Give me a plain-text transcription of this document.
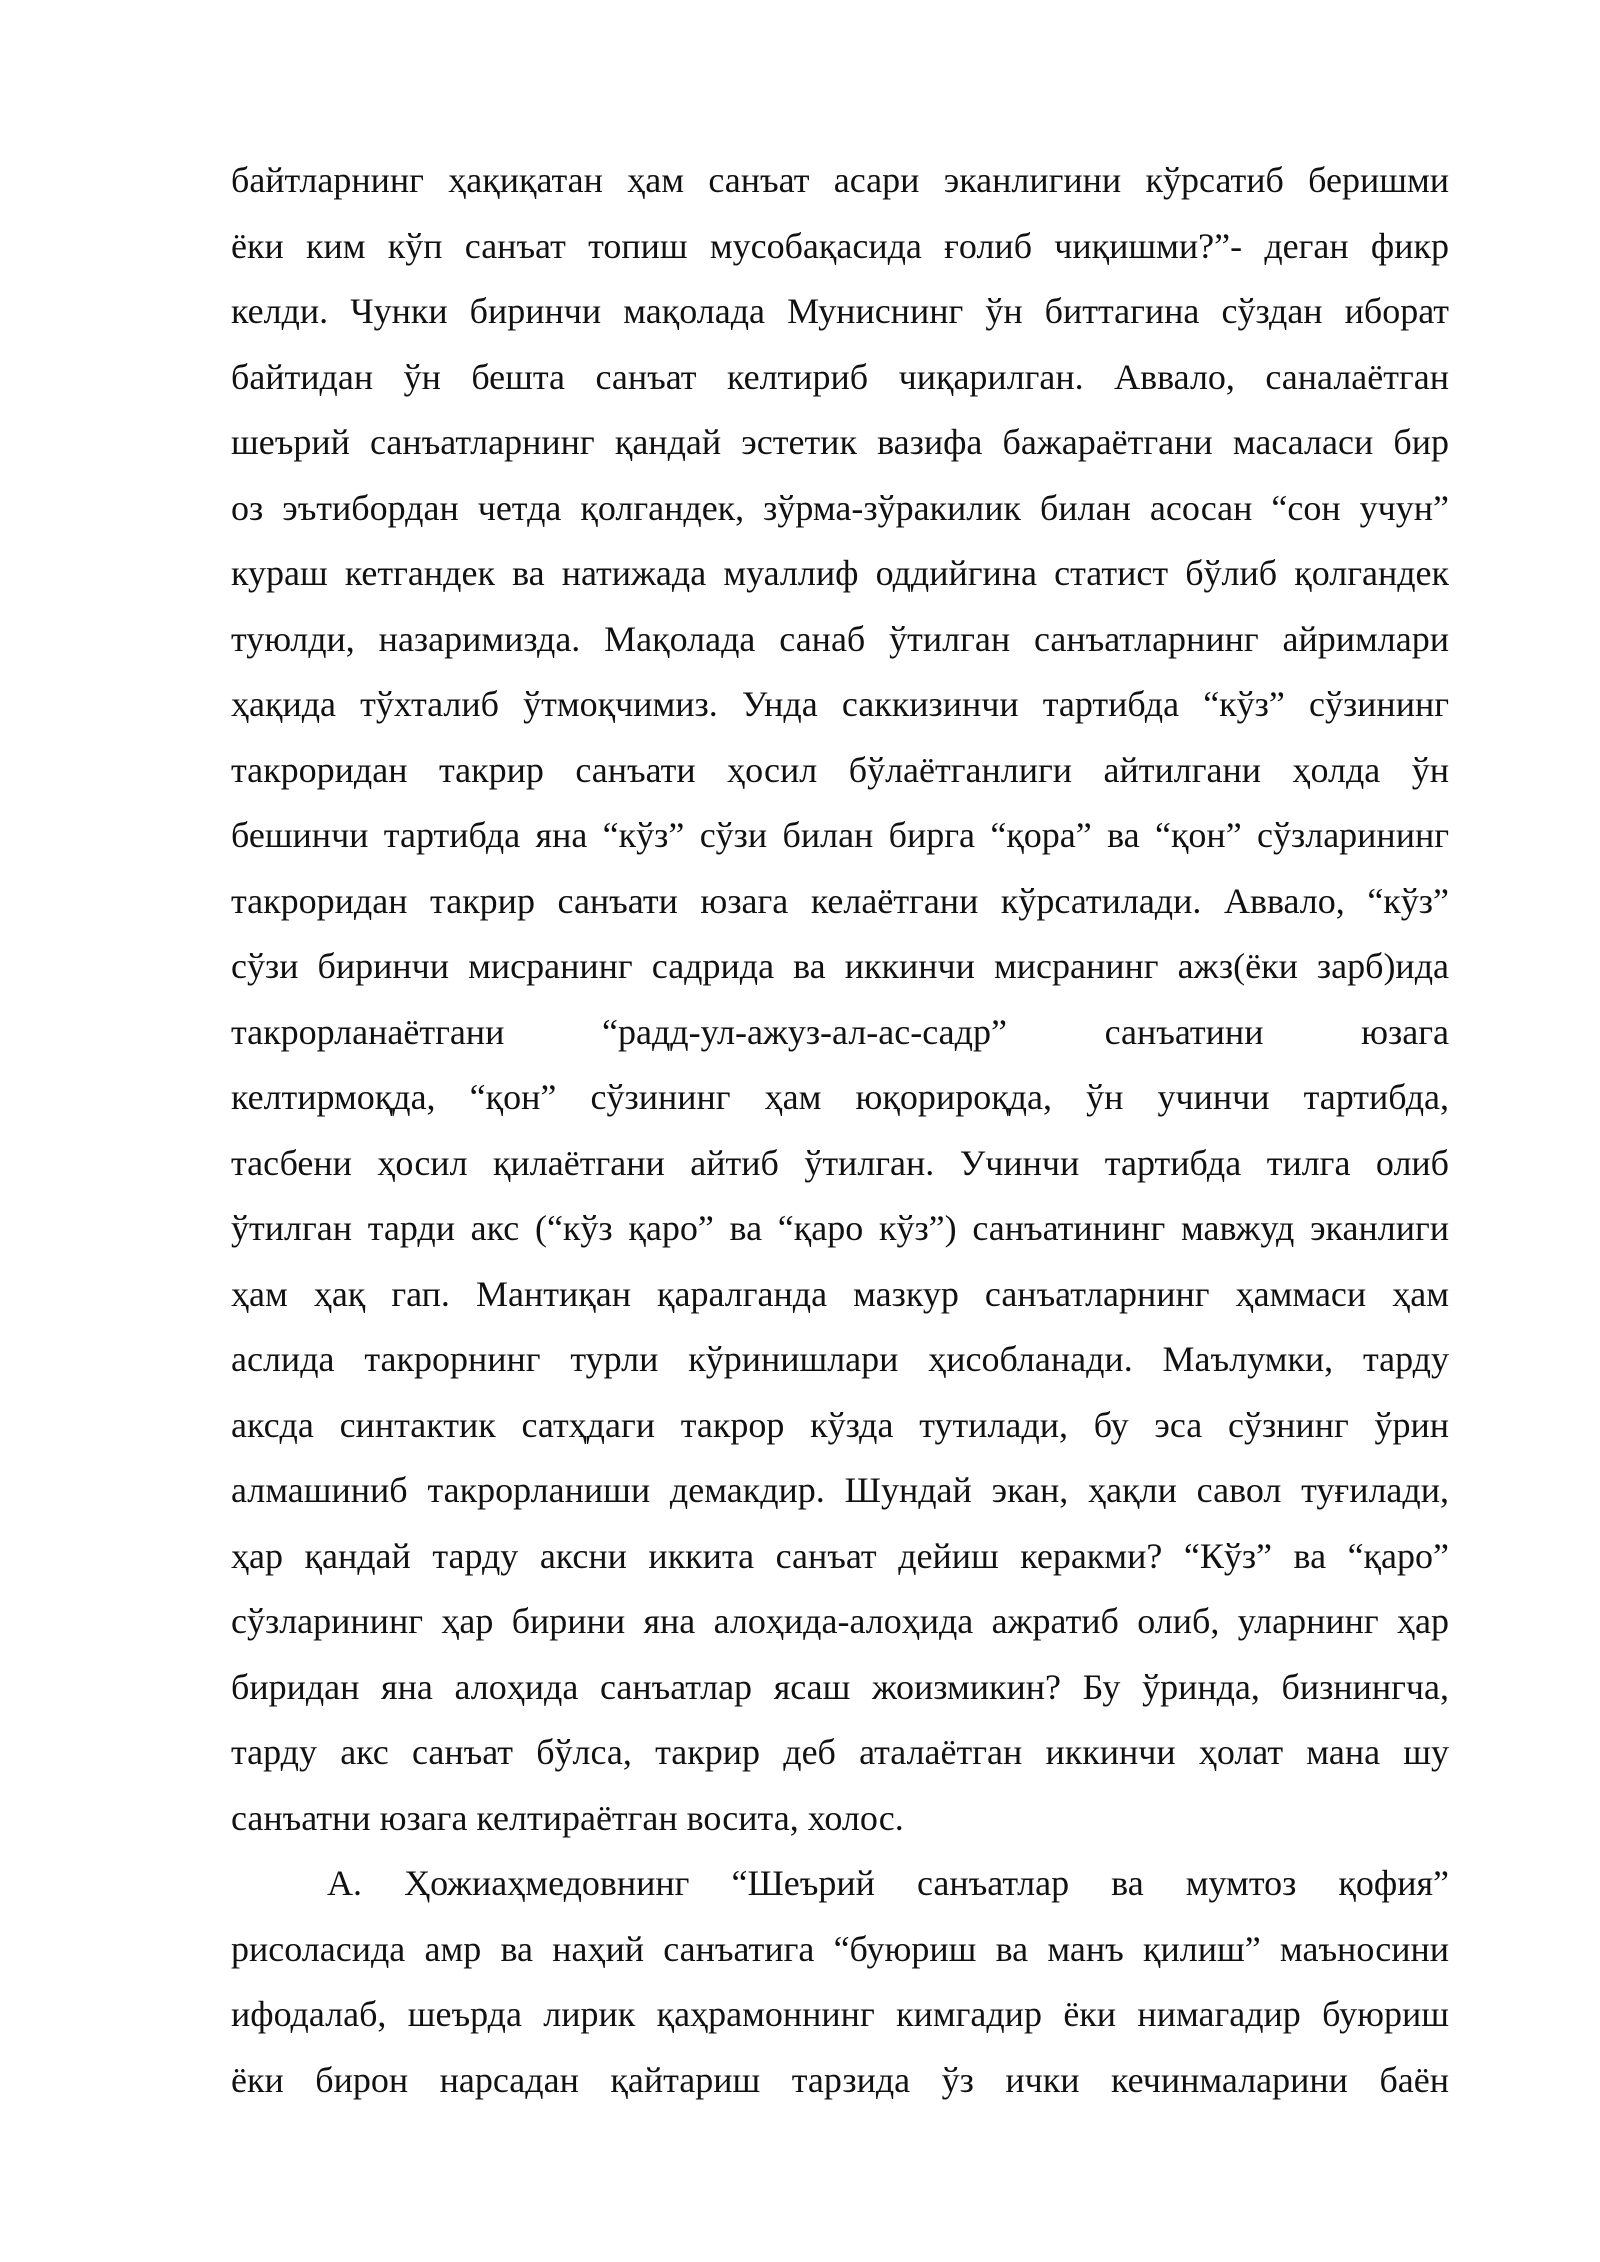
байтларнинг ҳақиқатан ҳам санъат асари эканлигини кўрсатиб беришми
ёки ким кўп санъат топиш мусобақасида ғолиб чиқишми?”- деган фикр
келди. Чунки биринчи мақолада Муниснинг ўн биттагина сўздан иборат
байтидан ўн бешта санъат келтириб чиқарилган. Аввало, саналаётган
шеърий санъатларнинг қандай эстетик вазифа бажараётгани масаласи бир
оз эътибордан четда қолгандек, зўрма-зўракилик билан асосан “сон учун”
кураш кетгандек ва натижада муаллиф оддийгина статист бўлиб қолгандек
туюлди, назаримизда. Мақолада санаб ўтилган санъатларнинг айримлари
ҳақида тўхталиб ўтмоқчимиз. Унда саккизинчи тартибда “кўз” сўзининг
такроридан такрир санъати ҳосил бўлаётганлиги айтилгани ҳолда ўн
бешинчи тартибда яна “кўз” сўзи билан бирга “қора” ва “қон” сўзларининг
такроридан такрир санъати юзага келаётгани кўрсатилади. Аввало, “кўз”
сўзи биринчи мисранинг садрида ва иккинчи мисранинг ажз(ёки зарб)ида
такрорланаётгани “радд-ул-ажуз-ал-ас-садр” санъатини юзага
келтирмоқда, “қон” сўзининг ҳам юқорироқда, ўн учинчи тартибда,
тасбени ҳосил қилаётгани айтиб ўтилган. Учинчи тартибда тилга олиб
ўтилган тарди акс (“кўз қаро” ва “қаро кўз”) санъатининг мавжуд эканлиги
ҳам ҳақ гап. Мантиқан қаралганда мазкур санъатларнинг ҳаммаси ҳам
аслида такрорнинг турли кўринишлари ҳисобланади. Маълумки, тарду
аксда синтактик сатҳдаги такрор кўзда тутилади, бу эса сўзнинг ўрин
алмашиниб такрорланиши демакдир. Шундай экан, ҳақли савол туғилади,
ҳар қандай тарду аксни иккита санъат дейиш керакми? “Кўз” ва “қаро”
сўзларининг ҳар бирини яна алоҳида-алоҳида ажратиб олиб, уларнинг ҳар
биридан яна алоҳида санъатлар ясаш жоизмикин? Бу ўринда, бизнингча,
тарду акс санъат бўлса, такрир деб аталаётган иккинчи ҳолат мана шу
санъатни юзага келтираётган восита, холос.
А. Ҳожиаҳмедовнинг “Шеърий санъатлар ва мумтоз қофия”
рисоласида амр ва наҳий санъатига “буюриш ва манъ қилиш” маъносини
ифодалаб, шеърда лирик қаҳрамоннинг кимгадир ёки нимагадир буюриш
ёки бирон нарсадан қайтариш тарзида ўз ички кечинмаларини баён
